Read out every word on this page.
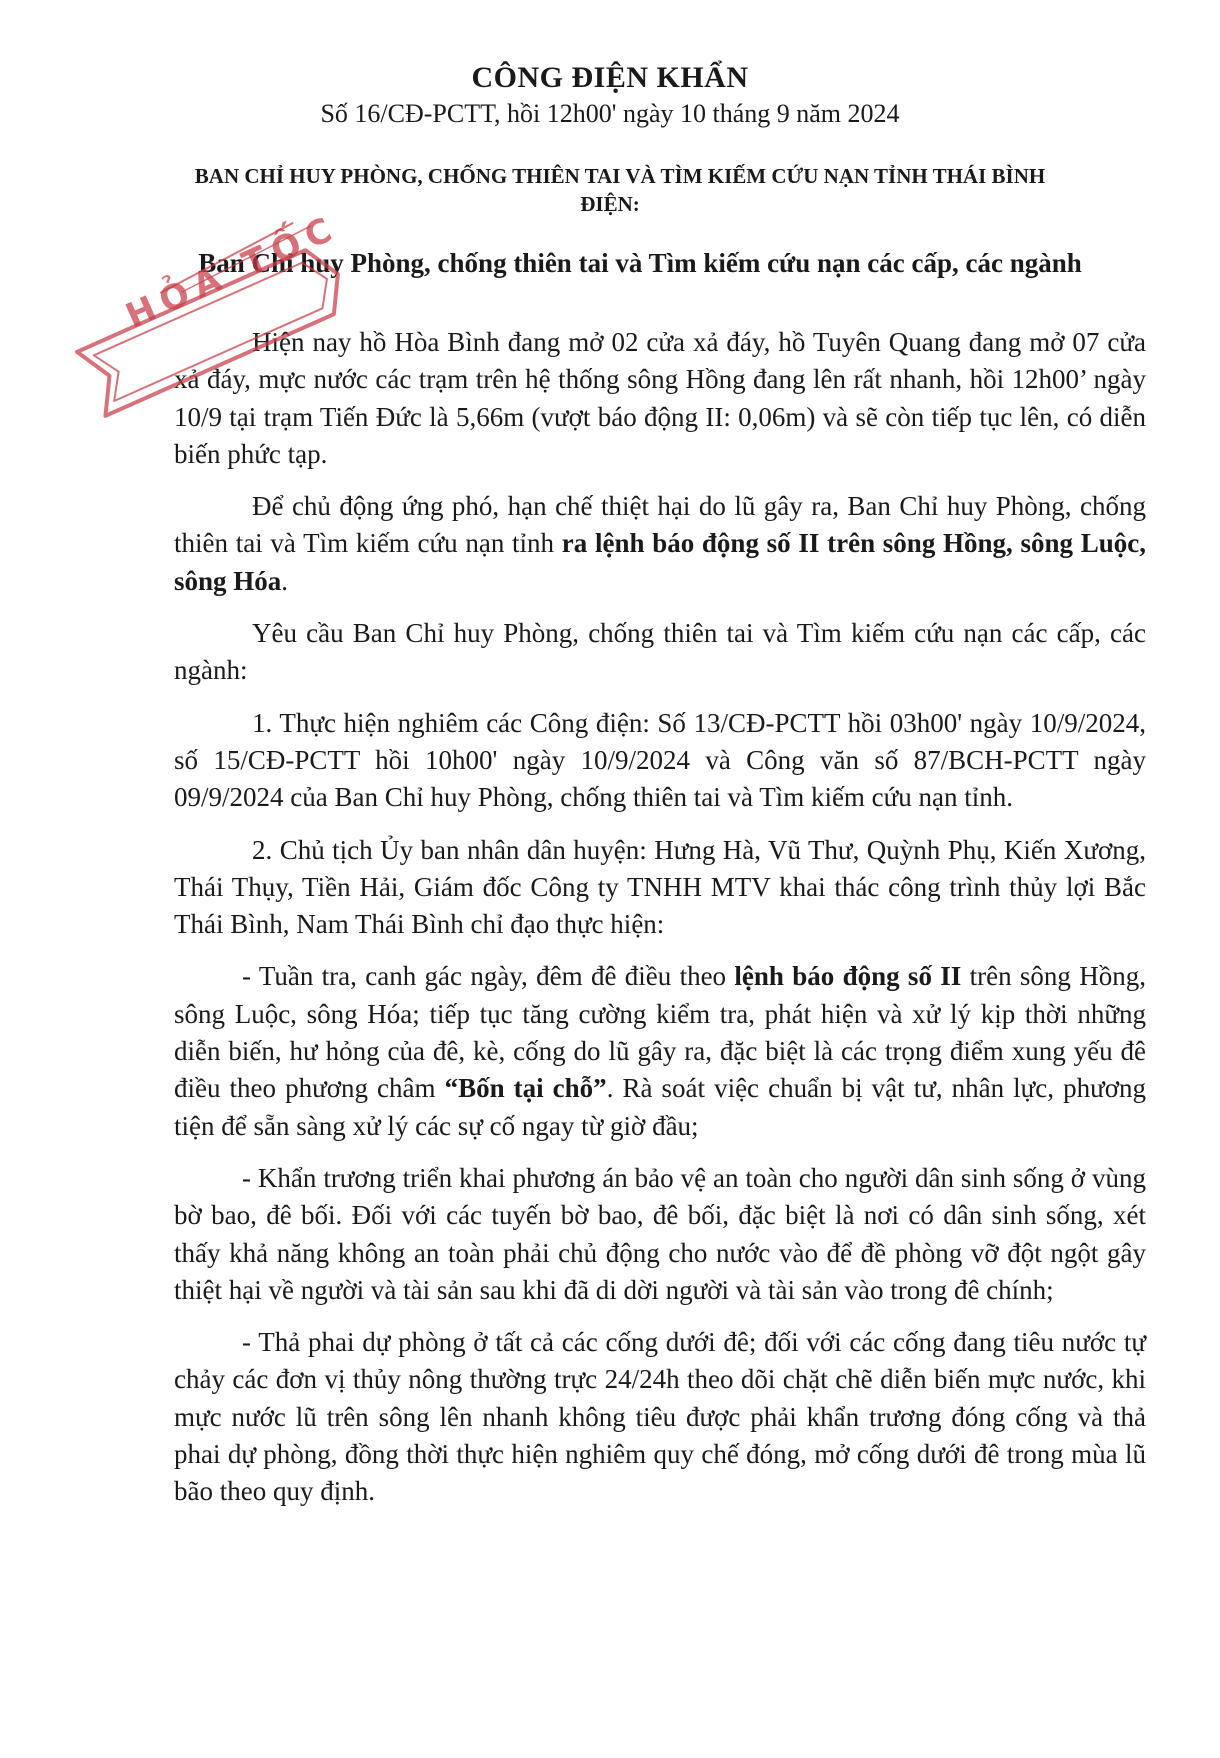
CÔNG ĐIỆN KHẨN
Số 16/CĐ-PCTT, hồi 12h00' ngày 10 tháng 9 năm 2024
BAN CHỈ HUY PHÒNG, CHỐNG THIÊN TAI VÀ TÌM KIẾM CỨU NẠN TỈNH THÁI BÌNH
ĐIỆN:
Ban Chỉ huy Phòng, chống thiên tai và Tìm kiếm cứu nạn các cấp, các ngành

Hiện nay hồ Hòa Bình đang mở 02 cửa xả đáy, hồ Tuyên Quang đang mở 07 cửa xả đáy, mực nước các trạm trên hệ thống sông Hồng đang lên rất nhanh, hồi 12h00’ ngày 10/9 tại trạm Tiến Đức là 5,66m (vượt báo động II: 0,06m) và sẽ còn tiếp tục lên, có diễn biến phức tạp.

Để chủ động ứng phó, hạn chế thiệt hại do lũ gây ra, Ban Chỉ huy Phòng, chống thiên tai và Tìm kiếm cứu nạn tỉnh ra lệnh báo động số II trên sông Hồng, sông Luộc, sông Hóa.

Yêu cầu Ban Chỉ huy Phòng, chống thiên tai và Tìm kiếm cứu nạn các cấp, các ngành:

1. Thực hiện nghiêm các Công điện: Số 13/CĐ-PCTT hồi 03h00' ngày 10/9/2024, số 15/CĐ-PCTT hồi 10h00' ngày 10/9/2024 và Công văn số 87/BCH-PCTT ngày 09/9/2024 của Ban Chỉ huy Phòng, chống thiên tai và Tìm kiếm cứu nạn tỉnh.

2. Chủ tịch Ủy ban nhân dân huyện: Hưng Hà, Vũ Thư, Quỳnh Phụ, Kiến Xương, Thái Thụy, Tiền Hải, Giám đốc Công ty TNHH MTV khai thác công trình thủy lợi Bắc Thái Bình, Nam Thái Bình chỉ đạo thực hiện:

- Tuần tra, canh gác ngày, đêm đê điều theo lệnh báo động số II trên sông Hồng, sông Luộc, sông Hóa; tiếp tục tăng cường kiểm tra, phát hiện và xử lý kịp thời những diễn biến, hư hỏng của đê, kè, cống do lũ gây ra, đặc biệt là các trọng điểm xung yếu đê điều theo phương châm “Bốn tại chỗ”. Rà soát việc chuẩn bị vật tư, nhân lực, phương tiện để sẵn sàng xử lý các sự cố ngay từ giờ đầu;

- Khẩn trương triển khai phương án bảo vệ an toàn cho người dân sinh sống ở vùng bờ bao, đê bối. Đối với các tuyến bờ bao, đê bối, đặc biệt là nơi có dân sinh sống, xét thấy khả năng không an toàn phải chủ động cho nước vào để đề phòng vỡ đột ngột gây thiệt hại về người và tài sản sau khi đã di dời người và tài sản vào trong đê chính;

- Thả phai dự phòng ở tất cả các cống dưới đê; đối với các cống đang tiêu nước tự chảy các đơn vị thủy nông thường trực 24/24h theo dõi chặt chẽ diễn biến mực nước, khi mực nước lũ trên sông lên nhanh không tiêu được phải khẩn trương đóng cống và thả phai dự phòng, đồng thời thực hiện nghiêm quy chế đóng, mở cống dưới đê trong mùa lũ bão theo quy định.

HỎA TỐC
